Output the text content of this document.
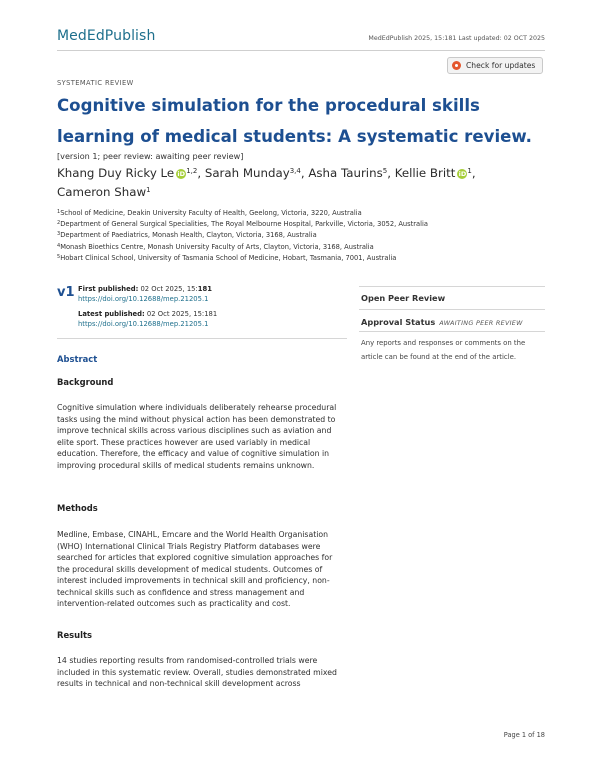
MedEdPublish	MedEdPublish 2025, 15:181 Last updated: 02 OCT 2025
Check for updates
SYSTEMATIC REVIEW
Cognitive simulation for the procedural skills learning of medical students: A systematic review.
[version 1; peer review: awaiting peer review]
Khang Duy Ricky Le iD$^{1,2}$, Sarah Munday$^{3,4}$, Asha Taurins$^5$, Kellie Britt $iD^1$,
Cameron Shaw$^1$
$^1$School of Medicine, Deakin University Faculty of Health, Geelong, Victoria, 3220, Australia
$^2$Department of General Surgical Specialities, The Royal Melbourne Hospital, Parkville, Victoria, 3052, Australia
$^3$Department of Paediatrics, Monash Health, Clayton, Victoria, 3168, Australia
$^4$Monash Bioethics Centre, Monash University Faculty of Arts, Clayton, Victoria, 3168, Australia
$^5$Hobart Clinical School, University of Tasmania School of Medicine, Hobart, Tasmania, 7001, Australia
v1 First published: 02 Oct 2025, 15:181
https://doi.org/10.12688/mep.21205.1
Latest published: 02 Oct 2025, 15:181
https://doi.org/10.12688/mep.21205.1
Abstract
Background
Cognitive simulation where individuals deliberately rehearse procedural tasks using the mind without physical action has been demonstrated to improve technical skills across various disciplines such as aviation and elite sport. These practices however are used variably in medical education. Therefore, the efficacy and value of cognitive simulation in improving procedural skills of medical students remains unknown.
Methods
Medline, Embase, CINAHL, Emcare and the World Health Organisation (WHO) International Clinical Trials Registry Platform databases were searched for articles that explored cognitive simulation approaches for the procedural skills development of medical students. Outcomes of interest included improvements in technical skill and proficiency, non-technical skills such as confidence and stress management and intervention-related outcomes such as practicality and cost.
Results
14 studies reporting results from randomised-controlled trials were included in this systematic review. Overall, studies demonstrated mixed results in technical and non-technical skill development across
Open Peer Review
Approval Status AWAITING PEER REVIEW
Any reports and responses or comments on the article can be found at the end of the article.
Page 1 of 18
